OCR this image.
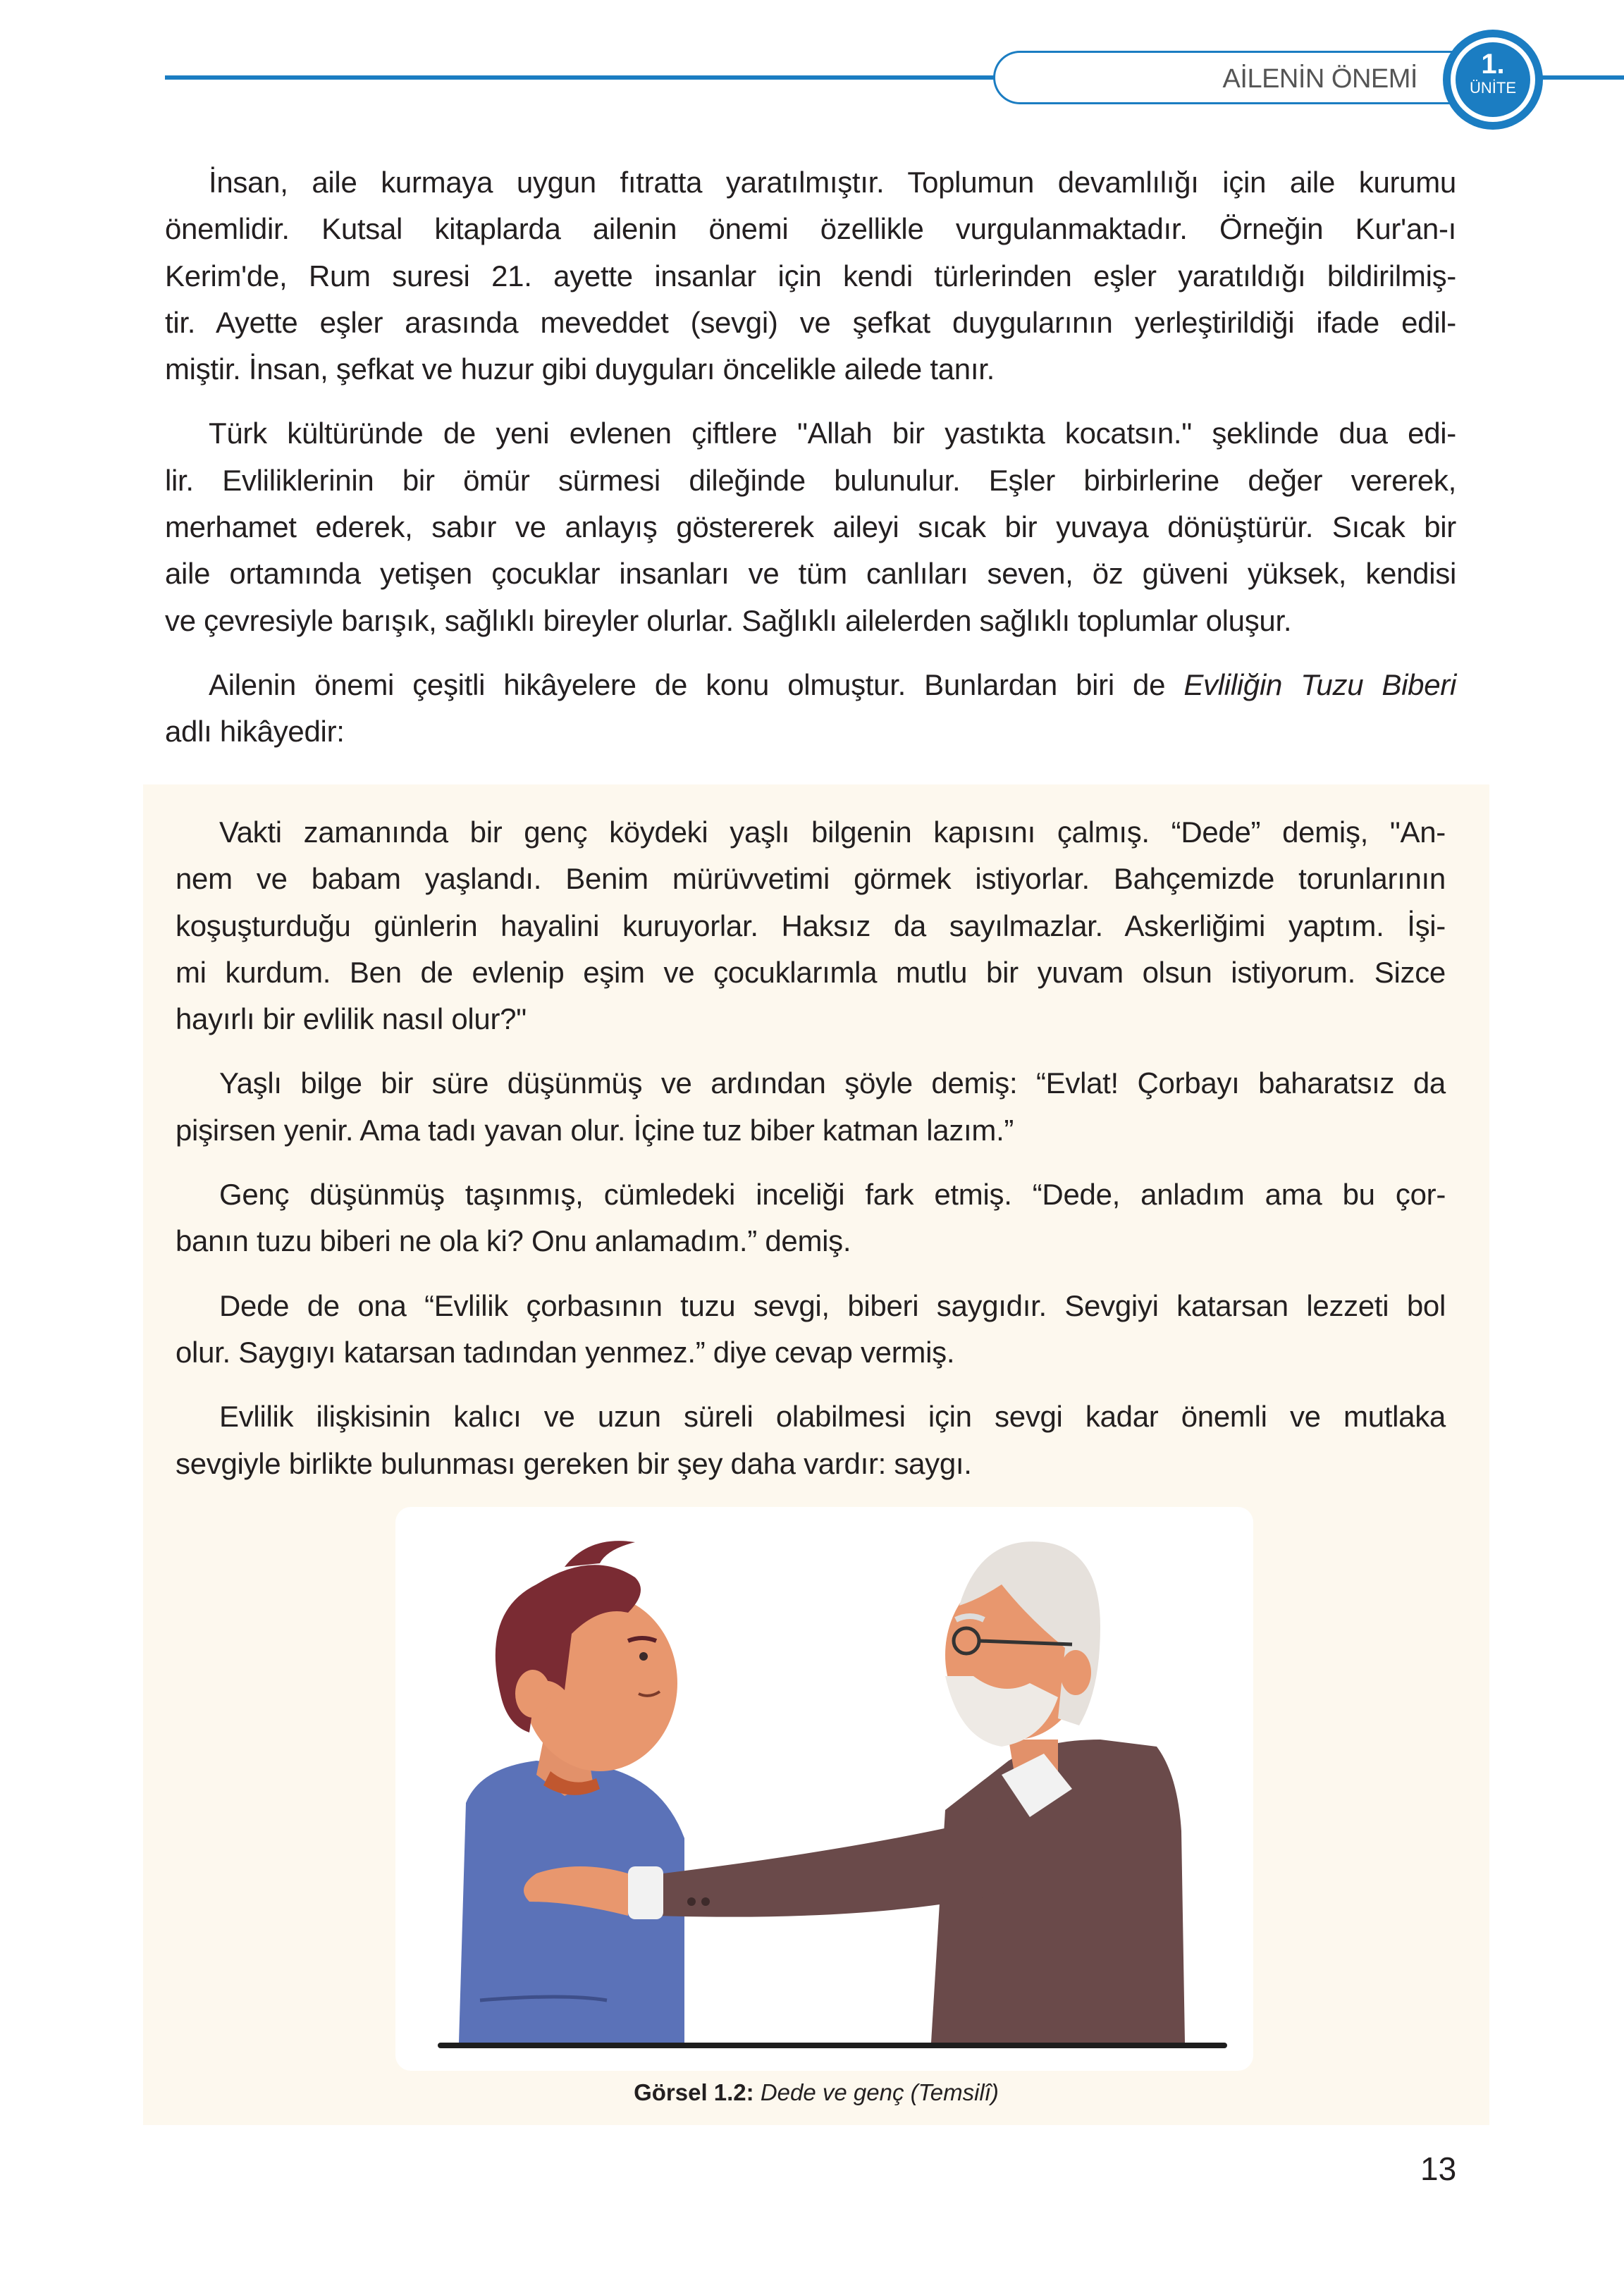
AİLENİN ÖNEMİ	1.
ÜNİTE
İnsan, aile kurmaya uygun fıtratta yaratılmıştır. Toplumun devamlılığı için aile kurumu
önemlidir. Kutsal kitaplarda ailenin önemi özellikle vurgulanmaktadır. Örneğin Kur'an-ı
Kerim'de, Rum suresi 21. ayette insanlar için kendi türlerinden eşler yaratıldığı bildirilmiş-
tir. Ayette eşler arasında meveddet (sevgi) ve şefkat duygularının yerleştirildiği ifade edil-
miştir. İnsan, şefkat ve huzur gibi duyguları öncelikle ailede tanır.
Türk kültüründe de yeni evlenen çiftlere "Allah bir yastıkta kocatsın." şeklinde dua edi-
lir. Evliliklerinin bir ömür sürmesi dileğinde bulunulur. Eşler birbirlerine değer vererek,
merhamet ederek, sabır ve anlayış göstererek aileyi sıcak bir yuvaya dönüştürür. Sıcak bir
aile ortamında yetişen çocuklar insanları ve tüm canlıları seven, öz güveni yüksek, kendisi
ve çevresiyle barışık, sağlıklı bireyler olurlar. Sağlıklı ailelerden sağlıklı toplumlar oluşur.
Ailenin önemi çeşitli hikâyelere de konu olmuştur. Bunlardan biri de Evliliğin Tuzu Biberi
adlı hikâyedir:
Vakti zamanında bir genç köydeki yaşlı bilgenin kapısını çalmış. “Dede” demiş, "An-
nem ve babam yaşlandı. Benim mürüvvetimi görmek istiyorlar. Bahçemizde torunlarının
koşuşturduğu günlerin hayalini kuruyorlar. Haksız da sayılmazlar. Askerliğimi yaptım. İşi-
mi kurdum. Ben de evlenip eşim ve çocuklarımla mutlu bir yuvam olsun istiyorum. Sizce
hayırlı bir evlilik nasıl olur?"
Yaşlı bilge bir süre düşünmüş ve ardından şöyle demiş: “Evlat! Çorbayı baharatsız da
pişirsen yenir. Ama tadı yavan olur. İçine tuz biber katman lazım.”
Genç düşünmüş taşınmış, cümledeki inceliği fark etmiş. “Dede, anladım ama bu çor-
banın tuzu biberi ne ola ki? Onu anlamadım.” demiş.
Dede de ona “Evlilik çorbasının tuzu sevgi, biberi saygıdır. Sevgiyi katarsan lezzeti bol
olur. Saygıyı katarsan tadından yenmez.” diye cevap vermiş.
Evlilik ilişkisinin kalıcı ve uzun süreli olabilmesi için sevgi kadar önemli ve mutlaka
sevgiyle birlikte bulunması gereken bir şey daha vardır: saygı.
Görsel 1.2: Dede ve genç (Temsilî)
13
